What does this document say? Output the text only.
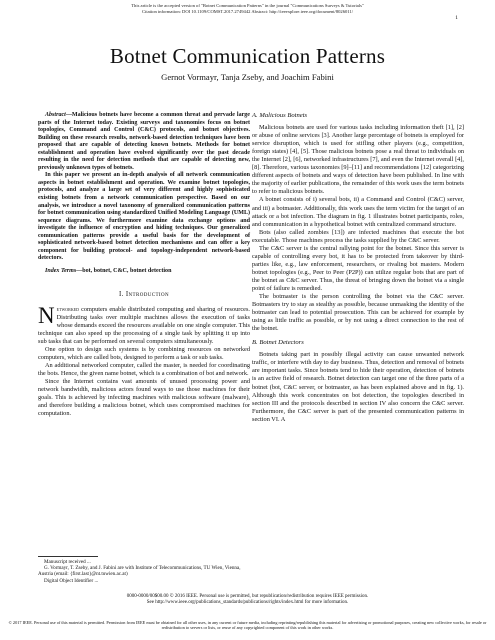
This article is the accepted version of "Botnet Communication Patterns" in the journal "Communications Surveys & Tutorials"
Citation information: DOI 10.1109/COMST.2017.2749442 Abstract: http://ieeexplore.ieee.org/document/8026011/
1
Botnet Communication Patterns
Gernot Vormayr, Tanja Zseby, and Joachim Fabini

Abstract—Malicious botnets have become a common threat and pervade large parts of the Internet today. Existing surveys and taxonomies focus on botnet topologies, Command and Control (C&C) protocols, and botnet objectives. Building on these research results, network-based detection techniques have been proposed that are capable of detecting known botnets. Methods for botnet establishment and operation have evolved significantly over the past decade resulting in the need for detection methods that are capable of detecting new, previously unknown types of botnets.

In this paper we present an in-depth analysis of all network communication aspects in botnet establishment and operation. We examine botnet topologies, protocols, and analyze a large set of very different and highly sophisticated existing botnets from a network communication perspective. Based on our analysis, we introduce a novel taxonomy of generalized communication patterns for botnet communication using standardized Unified Modeling Language (UML) sequence diagrams. We furthermore examine data exchange options and investigate the influence of encryption and hiding techniques. Our generalized communication patterns provide a useful basis for the development of sophisticated network-based botnet detection mechanisms and can offer a key component for building protocol- and topology-independent network-based detectors.

Index Terms—bot, botnet, C&C, botnet detection
I. Introduction

Networked computers enable distributed computing and sharing of resources. Distributing tasks over multiple machines allows the execution of tasks whose demands exceed the resources available on one single computer. This technique can also speed up the processing of a single task by splitting it up into sub tasks that can be performed on several computers simultaneously.

One option to design such systems is by combining resources on networked computers, which are called bots, designed to perform a task or sub tasks.

An additional networked computer, called the master, is needed for coordinating the bots. Hence, the given name botnet, which is a combination of bot and network.

Since the Internet contains vast amounts of unused processing power and network bandwidth, malicious actors found ways to use those machines for their goals. This is achieved by infecting machines with malicious software (malware), and therefore building a malicious botnet, which uses compromised machines for computation.

Manuscript received ...

G. Vormayr, T. Zseby, and J. Fabini are with Institute of Telecommunications, TU Wien, Vienna, Austria (email: {first.last}@nt.tuwien.ac.at)

Digital Object Identifier ...

A. Malicious Botnets

Malicious botnets are used for various tasks including information theft [1], [2] or abuse of online services [3]. Another large percentage of botnets is employed for service disruption, which is used for stifling other players (e.g., competition, foreign states) [4], [5]. Those malicious botnets pose a real threat to individuals on the Internet [2], [6], networked infrastructures [7], and even the Internet overall [4], [8]. Therefore, various taxonomies [9]–[11] and recommendations [12] categorizing different aspects of botnets and ways of detection have been published. In line with the majority of earlier publications, the remainder of this work uses the term botnets to refer to malicious botnets.

A botnet consists of i) several bots, ii) a Command and Control (C&C) server, and iii) a botmaster. Additionally, this work uses the term victim for the target of an attack or a bot infection. The diagram in fig. 1 illustrates botnet participants, roles, and communication in a hypothetical botnet with centralized command structure.

Bots (also called zombies [13]) are infected machines that execute the bot executable. Those machines process the tasks supplied by the C&C server.

The C&C server is the central rallying point for the botnet. Since this server is capable of controlling every bot, it has to be protected from takeover by third-parties like, e.g., law enforcement, researchers, or rivaling bot masters. Modern botnet topologies (e.g., Peer to Peer (P2P)) can utilize regular bots that are part of the botnet as C&C server. Thus, the threat of bringing down the botnet via a single point of failure is remedied.

The botmaster is the person controlling the botnet via the C&C server. Botmasters try to stay as stealthy as possible, because unmasking the identity of the botmaster can lead to potential prosecution. This can be achieved for example by using as little traffic as possible, or by not using a direct connection to the rest of the botnet.

B. Botnet Detectors

Botnets taking part in possibly illegal activity can cause unwanted network traffic, or interfere with day to day business. Thus, detection and removal of botnets are important tasks. Since botnets tend to hide their operation, detection of botnets is an active field of research. Botnet detection can target one of the three parts of a botnet (bot, C&C server, or botmaster, as has been explained above and in fig. 1). Although this work concentrates on bot detection, the topologies described in section III and the protocols described in section IV also concern the C&C server. Furthermore, the C&C server is part of the presented communication patterns in section VI. A

0000-0000/00$00.00 © 2016 IEEE. Personal use is permitted, but republication/redistribution requires IEEE permission.
See http://www.ieee.org/publications_standards/publications/rights/index.html for more information.
© 2017 IEEE. Personal use of this material is permitted. Permission from IEEE must be obtained for all other uses, in any current or future media, including reprinting/republishing this material for advertising or promotional purposes, creating new collective works, for resale or redistribution to servers or lists, or reuse of any copyrighted component of this work in other works.
